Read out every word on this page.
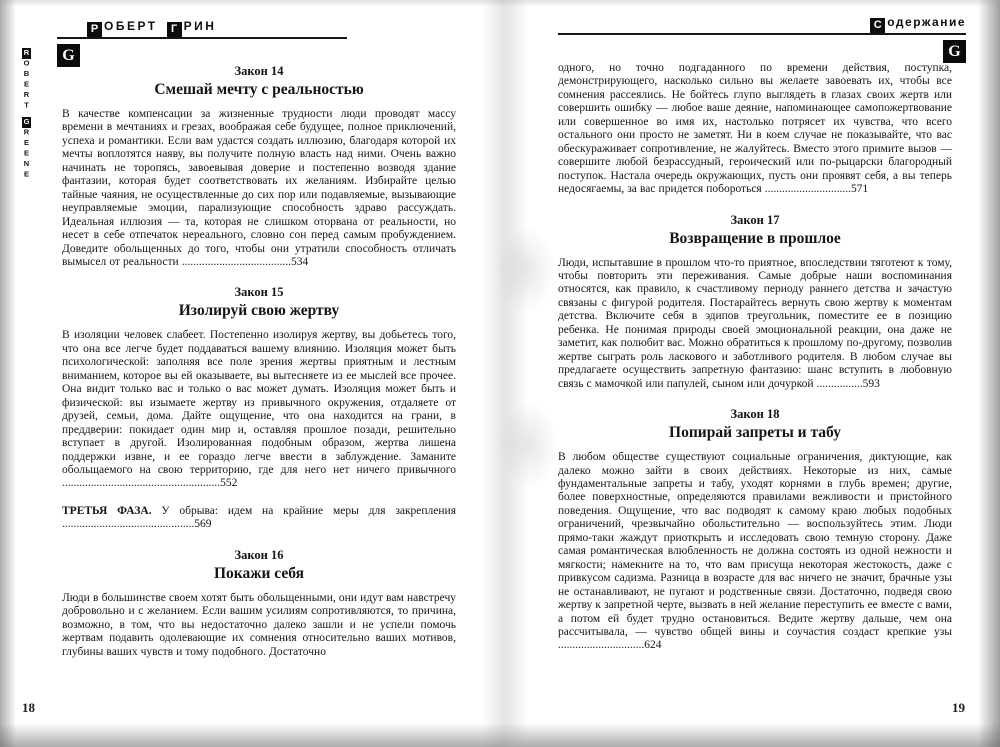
Р ОБЕРТ Г РИН
G
ROBERTGREENE
С одержание
G
Закон 14
Смешай мечту с реальностью

В качестве компенсации за жизненные трудности люди проводят массу времени в мечтаниях и грезах, воображая себе будущее, полное приключений, успеха и романтики. Если вам удастся создать иллюзию, благодаря которой их мечты воплотятся наяву, вы получите полную власть над ними. Очень важно начинать не торопясь, завоевывая доверие и постепенно возводя здание фантазии, которая будет соответствовать их желаниям. Избирайте целью тайные чаяния, не осуществленные до сих пор или подавляемые, вызывающие неуправляемые эмоции, парализующие способность здраво рассуждать. Идеальная иллюзия — та, которая не слишком оторвана от реальности, но несет в себе отпечаток нереального, словно сон перед самым пробуждением. Доведите обольщенных до того, чтобы они утратили способность отличать вымысел от реальности ......................................534

Закон 15
Изолируй свою жертву

В изоляции человек слабеет. Постепенно изолируя жертву, вы добьетесь того, что она все легче будет поддаваться вашему влиянию. Изоляция может быть психологической: заполняя все поле зрения жертвы приятным и лестным вниманием, которое вы ей оказываете, вы вытесняете из ее мыслей все прочее. Она видит только вас и только о вас может думать. Изоляция может быть и физической: вы изымаете жертву из привычного окружения, отдаляете от друзей, семьи, дома. Дайте ощущение, что она находится на грани, в преддверии: покидает один мир и, оставляя прошлое позади, решительно вступает в другой. Изолированная подобным образом, жертва лишена поддержки извне, и ее гораздо легче ввести в заблуждение. Заманите обольщаемого на свою территорию, где для него нет ничего привычного .......................................................552

ТРЕТЬЯ ФАЗА. У обрыва: идем на крайние меры для закрепления ..............................................569

Закон 16
Покажи себя

Люди в большинстве своем хотят быть обольщенными, они идут вам навстречу добровольно и с желанием. Если вашим усилиям сопротивляются, то причина, возможно, в том, что вы недостаточно далеко зашли и не успели помочь жертвам подавить одолевающие их сомнения относительно ваших мотивов, глубины ваших чувств и тому подобного. Достаточно

одного, но точно подгаданного по времени действия, поступка, демонстрирующего, насколько сильно вы желаете завоевать их, чтобы все сомнения рассеялись. Не бойтесь глупо выглядеть в глазах своих жертв или совершить ошибку — любое ваше деяние, напоминающее самопожертвование или совершенное во имя их, настолько потрясет их чувства, что всего остального они просто не заметят. Ни в коем случае не показывайте, что вас обескураживает сопротивление, не жалуйтесь. Вместо этого примите вызов — совершите любой безрассудный, героический или по-рыцарски благородный поступок. Настала очередь окружающих, пусть они проявят себя, а вы теперь недосягаемы, за вас придется побороться ..............................571

Закон 17
Возвращение в прошлое

Люди, испытавшие в прошлом что-то приятное, впоследствии тяготеют к тому, чтобы повторить эти переживания. Самые добрые наши воспоминания относятся, как правило, к счастливому периоду раннего детства и зачастую связаны с фигурой родителя. Постарайтесь вернуть свою жертву к моментам детства. Включите себя в эдипов треугольник, поместите ее в позицию ребенка. Не понимая природы своей эмоциональной реакции, она даже не заметит, как полюбит вас. Можно обратиться к прошлому по-другому, позволив жертве сыграть роль ласкового и заботливого родителя. В любом случае вы предлагаете осуществить запретную фантазию: шанс вступить в любовную связь с мамочкой или папулей, сыном или дочуркой ................593

Закон 18
Попирай запреты и табу

В любом обществе существуют социальные ограничения, диктующие, как далеко можно зайти в своих действиях. Некоторые из них, самые фундаментальные запреты и табу, уходят корнями в глубь времен; другие, более поверхностные, определяются правилами вежливости и пристойного поведения. Ощущение, что вас подводят к самому краю любых подобных ограничений, чрезвычайно обольстительно — воспользуйтесь этим. Люди прямо-таки жаждут приоткрыть и исследовать свою темную сторону. Даже самая романтическая влюбленность не должна состоять из одной нежности и мягкости; намекните на то, что вам присуща некоторая жестокость, даже с привкусом садизма. Разница в возрасте для вас ничего не значит, брачные узы не останавливают, не пугают и родственные связи. Достаточно, подведя свою жертву к запретной черте, вызвать в ней желание переступить ее вместе с вами, а потом ей будет трудно остановиться. Ведите жертву дальше, чем она рассчитывала, — чувство общей вины и соучастия создаст крепкие узы ..............................624

18	19
